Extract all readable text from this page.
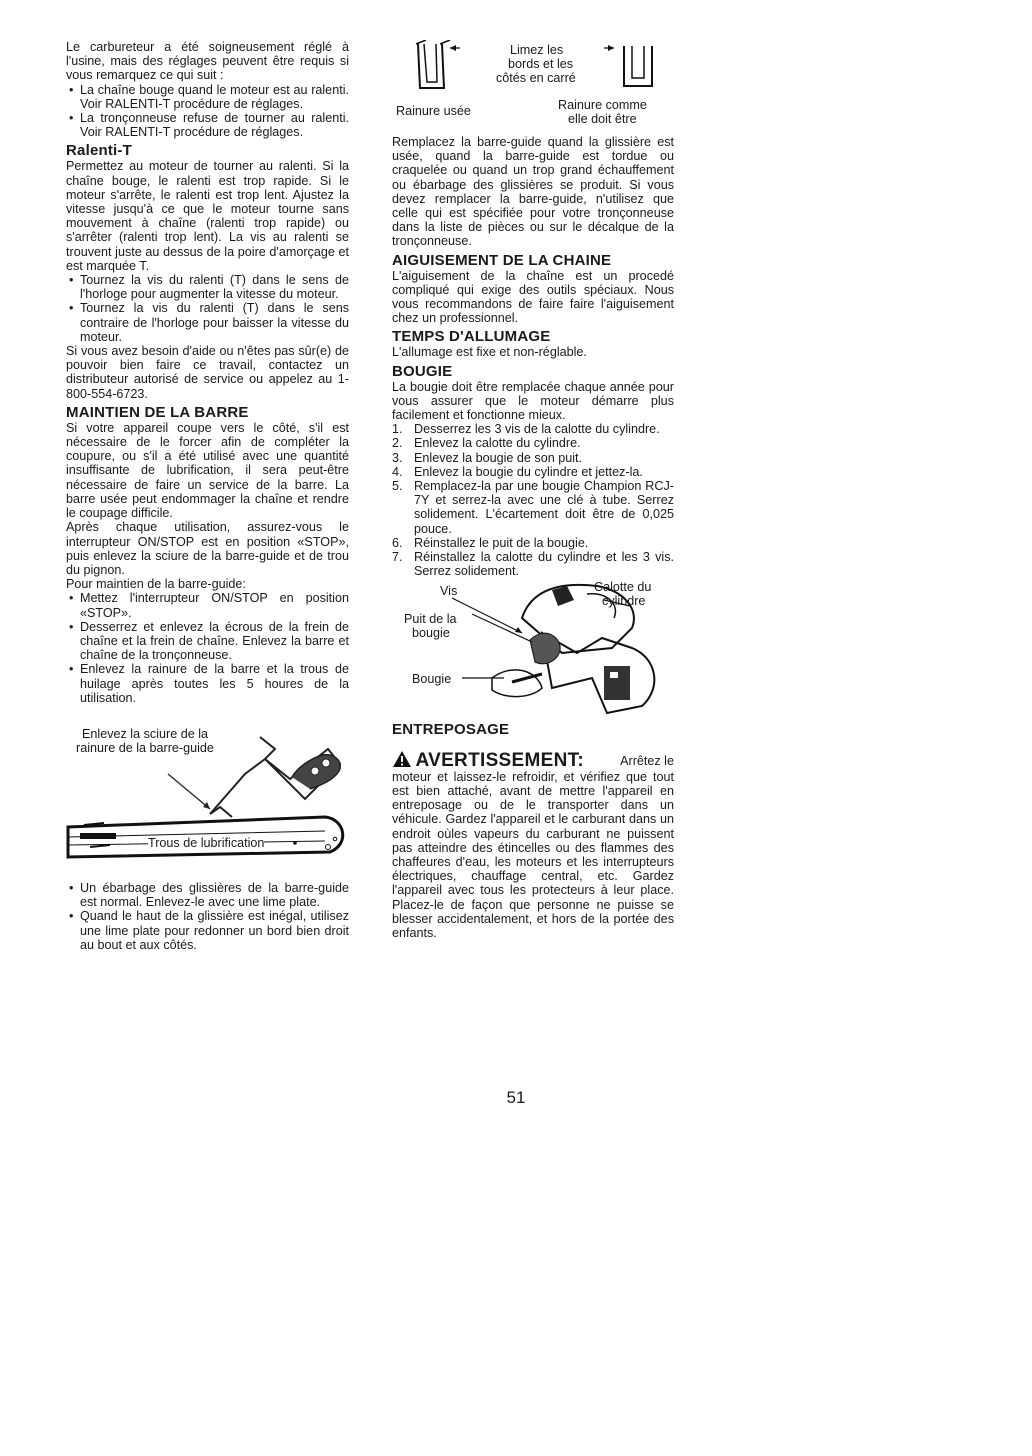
Le carbureteur a été soigneusement réglé à l'usine, mais des réglages peuvent être requis si vous remarquez ce qui suit :

• La chaîne bouge quand le moteur est au ralenti. Voir RALENTI-T procédure de réglages.
• La tronçonneuse refuse de tourner au ralenti. Voir RALENTI-T procédure de réglages.
Ralenti-T

Permettez au moteur de tourner au ralenti. Si la chaîne bouge, le ralenti est trop rapide. Si le moteur s'arrête, le ralenti est trop lent. Ajustez la vitesse jusqu'à ce que le moteur tourne sans mouvement à chaîne (ralenti trop rapide) ou s'arrêter (ralenti trop lent). La vis au ralenti se trouvent juste au dessus de la poire d'amorçage et est marquée T.

• Tournez la vis du ralenti (T) dans le sens de l'horloge pour augmenter la vitesse du moteur.
• Tournez la vis du ralenti (T) dans le sens contraire de l'horloge pour baisser la vitesse du moteur.

Si vous avez besoin d'aide ou n'êtes pas sûr(e) de pouvoir bien faire ce travail, contactez un distributeur autorisé de service ou appelez au 1-800-554-6723.

MAINTIEN DE LA BARRE

Si votre appareil coupe vers le côté, s'il est nécessaire de le forcer afin de compléter la coupure, ou s'il a été utilisé avec une quantité insuffisante de lubrification, il sera peut-être nécessaire de faire un service de la barre. La barre usée peut endommager la chaîne et rendre le coupage difficile.

Après chaque utilisation, assurez-vous le interrupteur ON/STOP est en position «STOP», puis enlevez la sciure de la barre-guide et de trou du pignon.

Pour maintien de la barre-guide:

• Mettez l'interrupteur ON/STOP en position «STOP».
• Desserrez et enlevez la écrous de la frein de chaîne et la frein de chaîne. Enlevez la barre et chaîne de la tronçonneuse.
• Enlevez la rainure de la barre et la trous de huilage après toutes les 5 houres de la utilisation.
Enlevez la sciure de la
rainure de la barre-guide
Trous de lubrification
• Un ébarbage des glissières de la barre-guide est normal. Enlevez-le avec une lime plate.
• Quand le haut de la glissière est inégal, utilisez une lime plate pour redonner un bord bien droit au bout et aux côtés.
Limez les
bords et les
côtés en carré
Rainure usée	Rainure comme
elle doit être

Remplacez la barre-guide quand la glissière est usée, quand la barre-guide est tordue ou craquelée ou quand un trop grand échauffement ou ébarbage des glissières se produit. Si vous devez remplacer la barre-guide, n'utilisez que celle qui est spécifiée pour votre tronçonneuse dans la liste de pièces ou sur le décalque de la tronçonneuse.

AIGUISEMENT DE LA CHAINE

L'aiguisement de la chaîne est un procedé compliqué qui exige des outils spéciaux. Nous vous recommandons de faire faire l'aiguisement chez un professionnel.

TEMPS D'ALLUMAGE

L'allumage est fixe et non-réglable.

BOUGIE

La bougie doit être remplacée chaque année pour vous assurer que le moteur démarre plus facilement et fonctionne mieux.

1. Desserrez les 3 vis de la calotte du cylindre.
2. Enlevez la calotte du cylindre.
3. Enlevez la bougie de son puit.
4. Enlevez la bougie du cylindre et jettez-la.
5. Remplacez-la par une bougie Champion RCJ-7Y et serrez-la avec une clé à tube. Serrez solidement. L'écartement doit être de 0,025 pouce.
6. Réinstallez le puit de la bougie.
7. Réinstallez la calotte du cylindre et les 3 vis. Serrez solidement.
Vis	Calotte du
cylindre
Puit de la
bougie
Bougie
ENTREPOSAGE

AVERTISSEMENT:	Arrêtez le

moteur et laissez-le refroidir, et vérifiez que tout est bien attaché, avant de mettre l'appareil en entreposage ou de le transporter dans un véhicule. Gardez l'appareil et le carburant dans un endroit oùles vapeurs du carburant ne puissent pas atteindre des étincelles ou des flammes des chaffeures d'eau, les moteurs et les interrupteurs électriques, chauffage central, etc. Gardez l'appareil avec tous les protecteurs à leur place. Placez-le de façon que personne ne puisse se blesser accidentalement, et hors de la portée des enfants.

51
